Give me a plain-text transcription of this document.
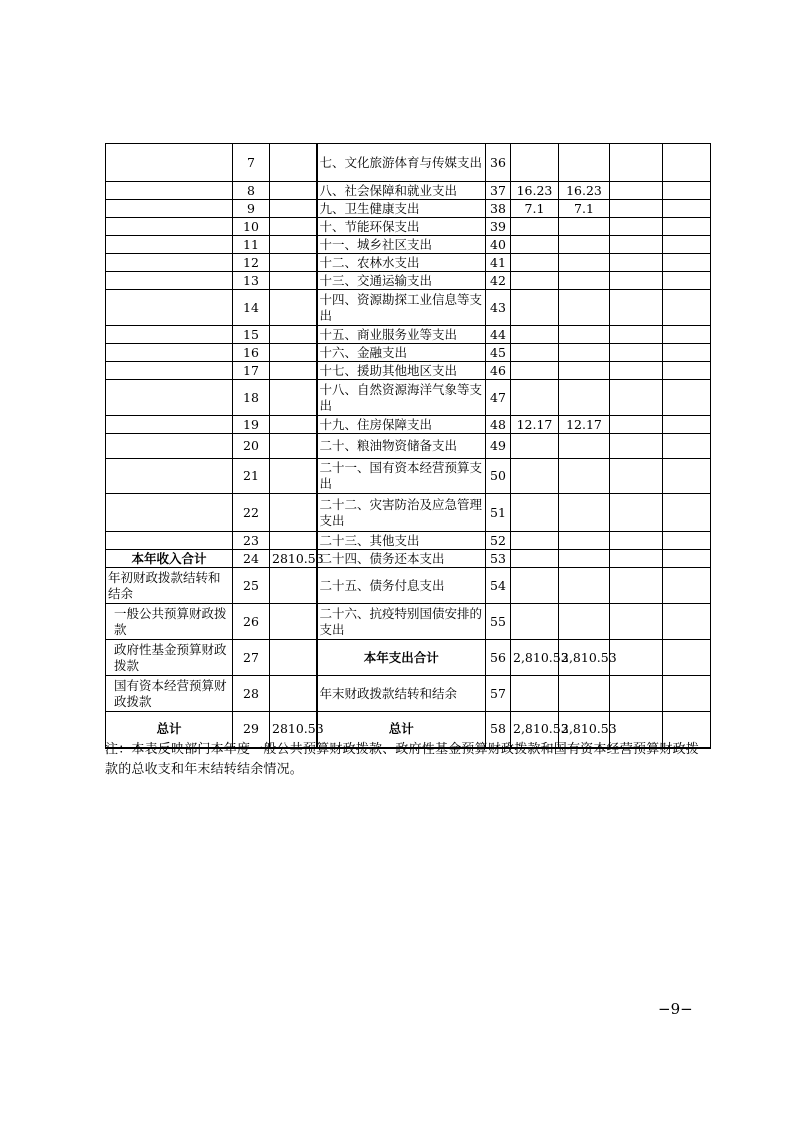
	7		七、文化旅游体育与传媒支出	36				
	8		八、社会保障和就业支出	37	16.23	16.23		
	9		九、卫生健康支出	38	7.1	7.1		
	10		十、节能环保支出	39				
	11		十一、城乡社区支出	40				
	12		十二、农林水支出	41				
	13		十三、交通运输支出	42				
	14		十四、资源勘探工业信息等支出	43				
	15		十五、商业服务业等支出	44				
	16		十六、金融支出	45				
	17		十七、援助其他地区支出	46				
	18		十八、自然资源海洋气象等支出	47				
	19		十九、住房保障支出	48	12.17	12.17		
	20		二十、粮油物资储备支出	49				
	21		二十一、国有资本经营预算支出	50				
	22		二十二、灾害防治及应急管理支出	51				
	23		二十三、其他支出	52				
本年收入合计	24	2810.53	二十四、债务还本支出	53				
年初财政拨款结转和结余	25		二十五、债务付息支出	54				
一般公共预算财政拨款	26		二十六、抗疫特别国债安排的支出	55				
政府性基金预算财政拨款	27		本年支出合计	56	2,810.53	2,810.53		
国有资本经营预算财政拨款	28		年末财政拨款结转和结余	57				
总计	29	2810.53	总计	58	2,810.53	2,810.53		
注：本表反映部门本年度一般公共预算财政拨款、政府性基金预算财政拨款和国有资本经营预算财政拨款的总收支和年末结转结余情况。
−9−
